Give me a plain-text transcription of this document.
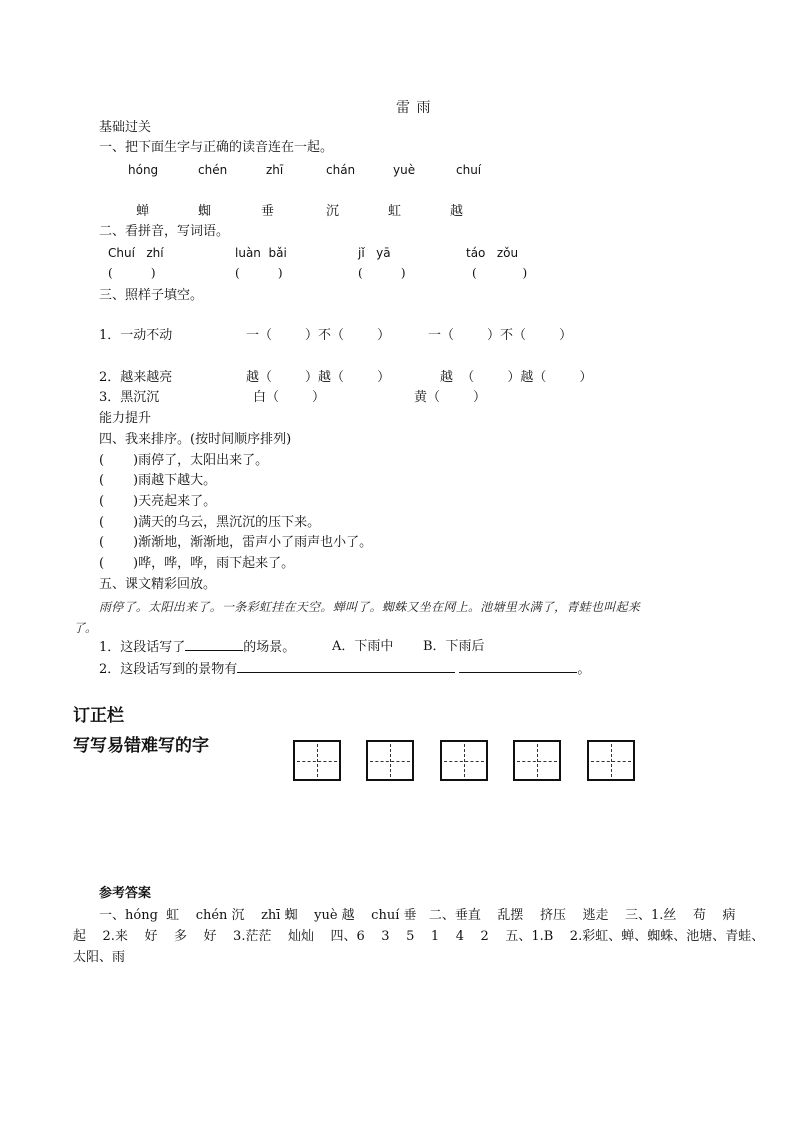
雷 雨
基础过关
一、把下面生字与正确的读音连在一起。
hóng	chén	zhī	chán	yuè	chuí
蝉	蜘	垂	沉	虹	越
二、看拼音，写词语。
Chuí   zhí	luàn  bǎi	jǐ   yā	táo   zǒu
(          )	(          )	(          )	(            )
三、照样子填空。
1．一动不动	一（        ）不（        ）	一（        ）不（        ）
2．越来越亮	越（        ）越（        ）	越  （        ）越（        ）
3．黑沉沉	白（        ）	黄（        ）
能力提升
四、我来排序。(按时间顺序排列)
(       )雨停了，太阳出来了。
(       )雨越下越大。
(       )天亮起来了。
(       )满天的乌云，黑沉沉的压下来。
(       )渐渐地，渐渐地，雷声小了雨声也小了。
(       )哗，哗，哗，雨下起来了。
五、课文精彩回放。
雨停了。太阳出来了。一条彩虹挂在天空。蝉叫了。蜘蛛又坐在网上。池塘里水满了，青蛙也叫起来
了。
1．这段话写了	的场景。	A．下雨中 B．下雨后
2．这段话写到的景物有	。
订正栏
写写易错难写的字
参考答案
一、hóng  虹    chén 沉    zhī 蜘    yuè 越    chuí 垂   二、垂直    乱摆    挤压    逃走    三、1.丝    苟    病
起    2.来    好    多    好    3.茫茫    灿灿    四、6    3    5    1    4    2    五、1.B    2.彩虹、蝉、蜘蛛、池塘、青蛙、
太阳、雨
